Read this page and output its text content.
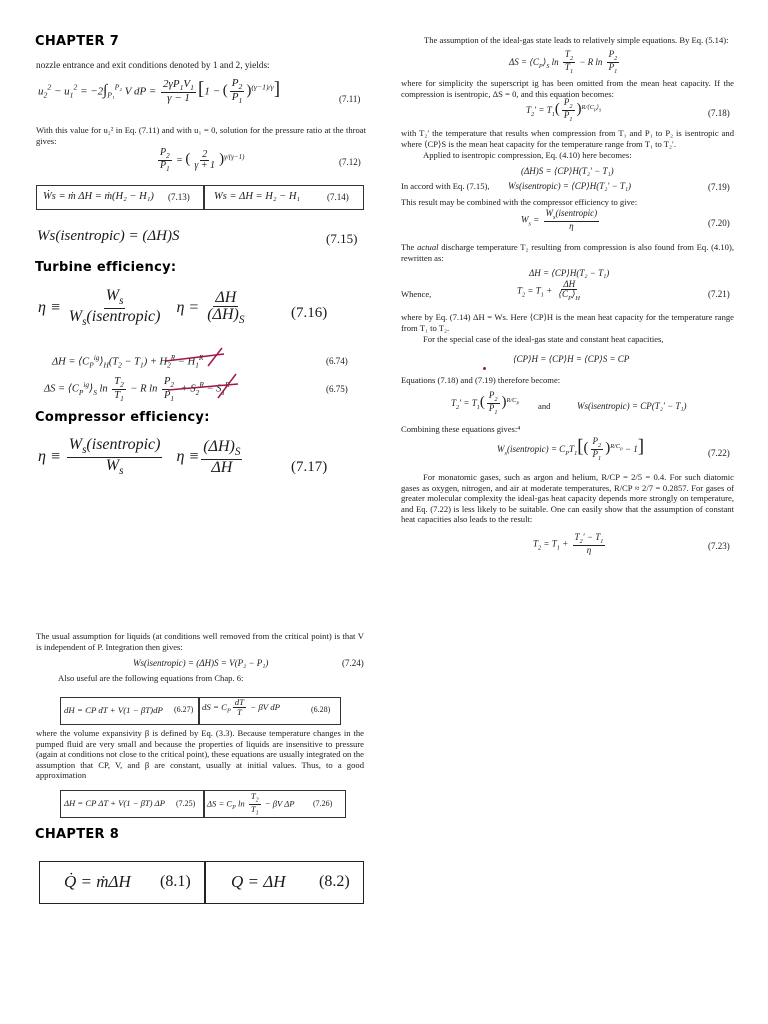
CHAPTER 7
nozzle entrance and exit conditions denoted by 1 and 2, yields:
$u_2^2 - u_1^2 = -2\int_{P_1}^{P_2}$ V dP = $\frac{2\gamma P_1V_1}{\gamma - 1} [1$ − ( $\frac{P_2}{P_1} )^{(\gamma-1)/\gamma}$]	(7.11)
With this value for u₂² in Eq. (7.11) and with u₁ = 0, solution for the pressure ratio at the throat gives:
$\frac{P_2}{P_1}$ = ( $\frac{2}{\gamma + 1} )^{\gamma/(\gamma-1)}$
(7.12)
Ẇs = ṁ ΔH = ṁ(H₂ − H₁) (7.13) Ws = ΔH = H₂ − H₁	(7.14)
Ws(isentropic) = (ΔH)S	(7.15)
Turbine efficiency:
$\eta \equiv \frac{W_s}{W_s(isentropic)}$ $\eta = \frac{\Delta H}{(\Delta H)_S}$	(7.16)
$\Delta H = ⟨C_P^{ig}⟩_H(T_2 - T_1) + H_2^R - H_1^R$	(6.74)
$\Delta S = ⟨C_P^{ig}⟩_S$ $\ln \frac{T_2}{T_1} - R$ $\ln \frac{P_2}{P_1} + S_2^R - S_1^R$	(6.75)
Compressor efficiency:
$\eta \equiv \frac{W_s(isentropic)}{W_s}$ $\eta \equiv \frac{(\Delta H)_S}{\Delta H}$	(7.17)
The usual assumption for liquids (at conditions well removed from the critical point) is that V is independent of P. Integration then gives:
Ws(isentropic) = (ΔH)S = V(P₂ − P₁)	(7.24)
Also useful are the following equations from Chap. 6:
dH = CP dT + V(1 − βT)dP (6.27) dS = $C_P \frac{dT}{T} - \beta V$ dP	(6.28)
where the volume expansivity β is defined by Eq. (3.3). Because temperature changes in the pumped fluid are very small and because the properties of liquids are insensitive to pressure (again at conditions not close to the critical point), these equations are usually integrated on the assumption that CP, V, and β are constant, usually at initial values. Thus, to a good approximation
ΔH = CP ΔT + V(1 − βT) ΔP (7.25) $\Delta S = C_P$ $\ln \frac{T_2}{T_1} - \beta V$ ΔP (7.26)
CHAPTER 8
Q̇ = ṁΔH (8.1) Q = ΔH (8.2)
The assumption of the ideal-gas state leads to relatively simple equations. By Eq. (5.14):
$\Delta S = ⟨C_P⟩_S$ $\ln \frac{T_2}{T_1} - R$ $\ln \frac{P_2}{P_1}$
where for simplicity the superscript ig has been omitted from the mean heat capacity. If the compression is isentropic, ΔS = 0, and this equation becomes:
$T_2' = T_1( \frac{P_2}{P_1} )^{R/⟨C_P⟩_S}$	(7.18)
with T₂′ the temperature that results when compression from T₁ and P₁ to P₂ is isentropic and where ⟨CP⟩S is the mean heat capacity for the temperature range from T₁ to T₂′.
Applied to isentropic compression, Eq. (4.10) here becomes:
(ΔH)S = ⟨CP⟩H(T₂′ − T₁)
In accord with Eq. (7.15), Ws(isentropic) = ⟨CP⟩H(T₂′ − T₁)	(7.19)
This result may be combined with the compressor efficiency to give:
$W_s = \frac{W_s(isentropic)}{\eta}$	(7.20)
The actual discharge temperature T₂ resulting from compression is also found from Eq. (4.10), rewritten as:
ΔH = ⟨CP⟩H(T₂ − T₁)
Whence,	$T_2 = T_1 + \frac{\Delta H}{⟨C_P⟩_H}$	(7.21)
where by Eq. (7.14) ΔH = Ws. Here ⟨CP⟩H is the mean heat capacity for the temperature range from T₁ to T₂.
For the special case of the ideal-gas state and constant heat capacities,
⟨CP⟩H = ⟨CP⟩H = ⟨CP⟩S = CP
Equations (7.18) and (7.19) therefore become:
$T_2' = T_1( \frac{P_2}{P_1} )^{R/C_P}$ and	Ws(isentropic) = CP(T₂′ − T₁)
Combining these equations gives:⁴
$W_s(isentropic) = C_PT_1[( \frac{P_2}{P_1} )^{R/C_P} - 1]$	(7.22)
For monatomic gases, such as argon and helium, R/CP = 2/5 = 0.4. For such diatomic gases as oxygen, nitrogen, and air at moderate temperatures, R/CP ≈ 2/7 = 0.2857. For gases of greater molecular complexity the ideal-gas heat capacity depends more strongly on temperature, and Eq. (7.22) is less likely to be suitable. One can easily show that the assumption of constant heat capacities also leads to the result:
$T_2 = T_1 + \frac{T_2' - T_1}{\eta}$	(7.23)
